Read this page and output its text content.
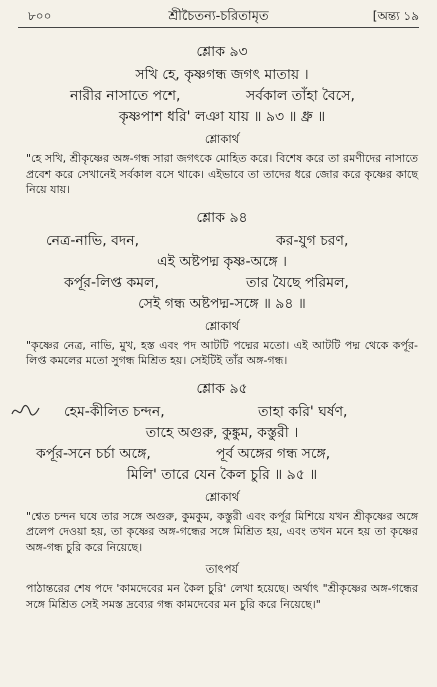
৮০০	শ্রীচৈতন্য-চরিতামৃত	[অন্ত্য ১৯
শ্লোক ৯৩
সখি হে, কৃষ্ণগন্ধ জগৎ মাতায় ।
নারীর নাসাতে পশে,	সর্বকাল তাঁহা বৈসে,
কৃষ্ণপাশ ধরি' লঞা যায় ॥ ৯৩ ॥ ধ্রু ॥
শ্লোকার্থ
"হে সখি, শ্রীকৃষ্ণের অঙ্গ-গন্ধ সারা জগৎকে মোহিত করে। বিশেষ করে তা রমণীদের নাসাতে প্রবেশ করে সেখানেই সর্বকাল বসে থাকে। এইভাবে তা তাদের ধরে জোর করে কৃষ্ণের কাছে নিয়ে যায়।
শ্লোক ৯৪
নেত্র-নাভি, বদন,	কর-যুগ চরণ,
এই অষ্টপদ্ম কৃষ্ণ-অঙ্গে ।
কর্পূর-লিপ্ত কমল,	তার যৈছে পরিমল,
সেই গন্ধ অষ্টপদ্ম-সঙ্গে ॥ ৯৪ ॥
শ্লোকার্থ
"কৃষ্ণের নেত্র, নাভি, মুখ, হস্ত এবং পদ আটটি পদ্মের মতো। এই আটটি পদ্ম থেকে কর্পূর-লিপ্ত কমলের মতো সুগন্ধ মিশ্রিত হয়। সেইটিই তাঁর অঙ্গ-গন্ধ।
শ্লোক ৯৫
হেম-কীলিত চন্দন,	তাহা করি' ঘর্ষণ,
তাহে অগুরু, কুঙ্কুম, কস্তুরী ।
কর্পূর-সনে চর্চা অঙ্গে,	পূর্ব অঙ্গের গন্ধ সঙ্গে,
মিলি' তারে যেন কৈল চুরি ॥ ৯৫ ॥
শ্লোকার্থ
"শ্বেত চন্দন ঘষে তার সঙ্গে অগুরু, কুমকুম, কস্তুরী এবং কর্পূর মিশিয়ে যখন শ্রীকৃষ্ণের অঙ্গে প্রলেপ দেওয়া হয়, তা কৃষ্ণের অঙ্গ-গন্ধের সঙ্গে মিশ্রিত হয়, এবং তখন মনে হয় তা কৃষ্ণের অঙ্গ-গন্ধ চুরি করে নিয়েছে।
তাৎপর্য
পাঠান্তরের শেষ পদে 'কামদেবের মন কৈল চুরি' লেখা হয়েছে। অর্থাৎ "শ্রীকৃষ্ণের অঙ্গ-গন্ধের সঙ্গে মিশ্রিত সেই সমস্ত দ্রব্যের গন্ধ কামদেবের মন চুরি করে নিয়েছে।"
